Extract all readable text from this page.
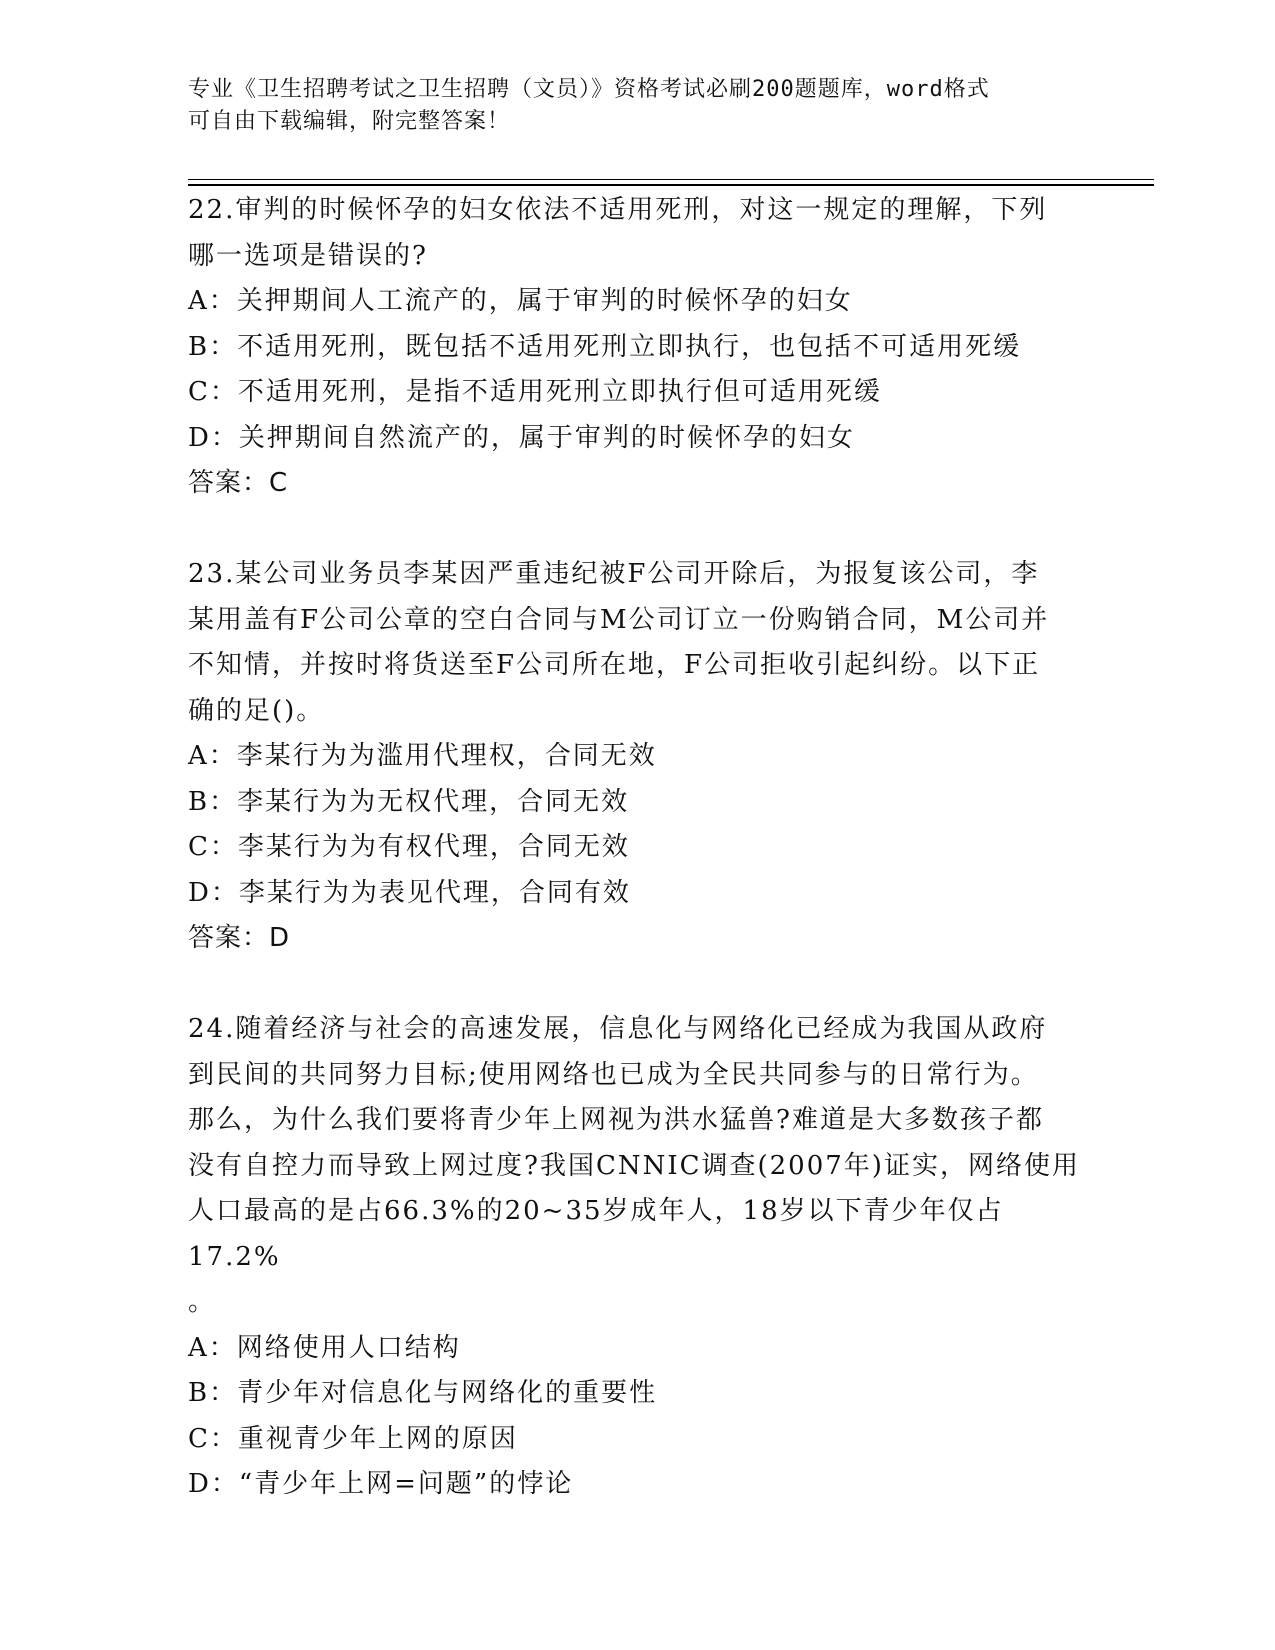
专业《卫生招聘考试之卫生招聘（文员）》资格考试必刷200题题库，word格式
可自由下载编辑，附完整答案！

22.审判的时候怀孕的妇女依法不适用死刑，对这一规定的理解，下列

哪一选项是错误的?

A：关押期间人工流产的，属于审判的时候怀孕的妇女

B：不适用死刑，既包括不适用死刑立即执行，也包括不可适用死缓

C：不适用死刑，是指不适用死刑立即执行但可适用死缓

D：关押期间自然流产的，属于审判的时候怀孕的妇女

答案：C

23.某公司业务员李某因严重违纪被F公司开除后，为报复该公司，李

某用盖有F公司公章的空白合同与M公司订立一份购销合同，M公司并

不知情，并按时将货送至F公司所在地，F公司拒收引起纠纷。以下正

确的足()。

A：李某行为为滥用代理权，合同无效

B：李某行为为无权代理，合同无效

C：李某行为为有权代理，合同无效

D：李某行为为表见代理，合同有效

答案：D

24.随着经济与社会的高速发展，信息化与网络化已经成为我国从政府

到民间的共同努力目标;使用网络也已成为全民共同参与的日常行为。

那么，为什么我们要将青少年上网视为洪水猛兽?难道是大多数孩子都

没有自控力而导致上网过度?我国CNNIC调查(2007年)证实，网络使用

人口最高的是占66.3%的20~35岁成年人，18岁以下青少年仅占17.2%

。

A：网络使用人口结构

B：青少年对信息化与网络化的重要性

C：重视青少年上网的原因

D：“青少年上网=问题”的悖论
